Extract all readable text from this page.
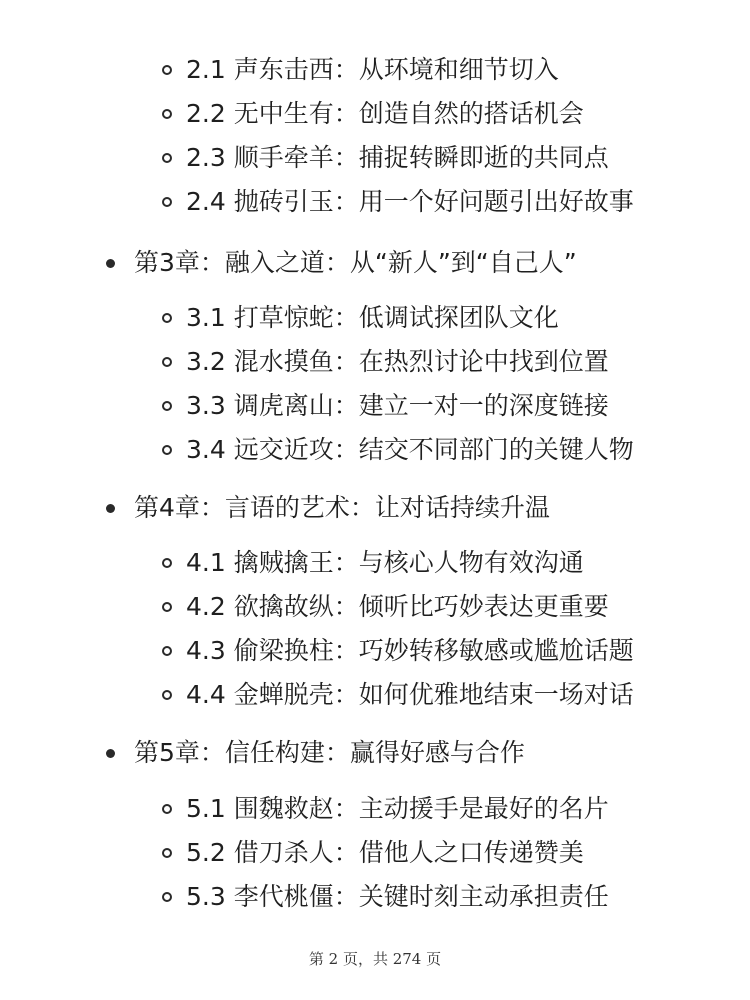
2.1 声东击西：从环境和细节切入
2.2 无中生有：创造自然的搭话机会
2.3 顺手牵羊：捕捉转瞬即逝的共同点
2.4 抛砖引玉：用一个好问题引出好故事
第3章：融入之道：从“新人”到“自己人”
3.1 打草惊蛇：低调试探团队文化
3.2 混水摸鱼：在热烈讨论中找到位置
3.3 调虎离山：建立一对一的深度链接
3.4 远交近攻：结交不同部门的关键人物
第4章：言语的艺术：让对话持续升温
4.1 擒贼擒王：与核心人物有效沟通
4.2 欲擒故纵：倾听比巧妙表达更重要
4.3 偷梁换柱：巧妙转移敏感或尴尬话题
4.4 金蝉脱壳：如何优雅地结束一场对话
第5章：信任构建：赢得好感与合作
5.1 围魏救赵：主动援手是最好的名片
5.2 借刀杀人：借他人之口传递赞美
5.3 李代桃僵：关键时刻主动承担责任
第 2 页，共 274 页
